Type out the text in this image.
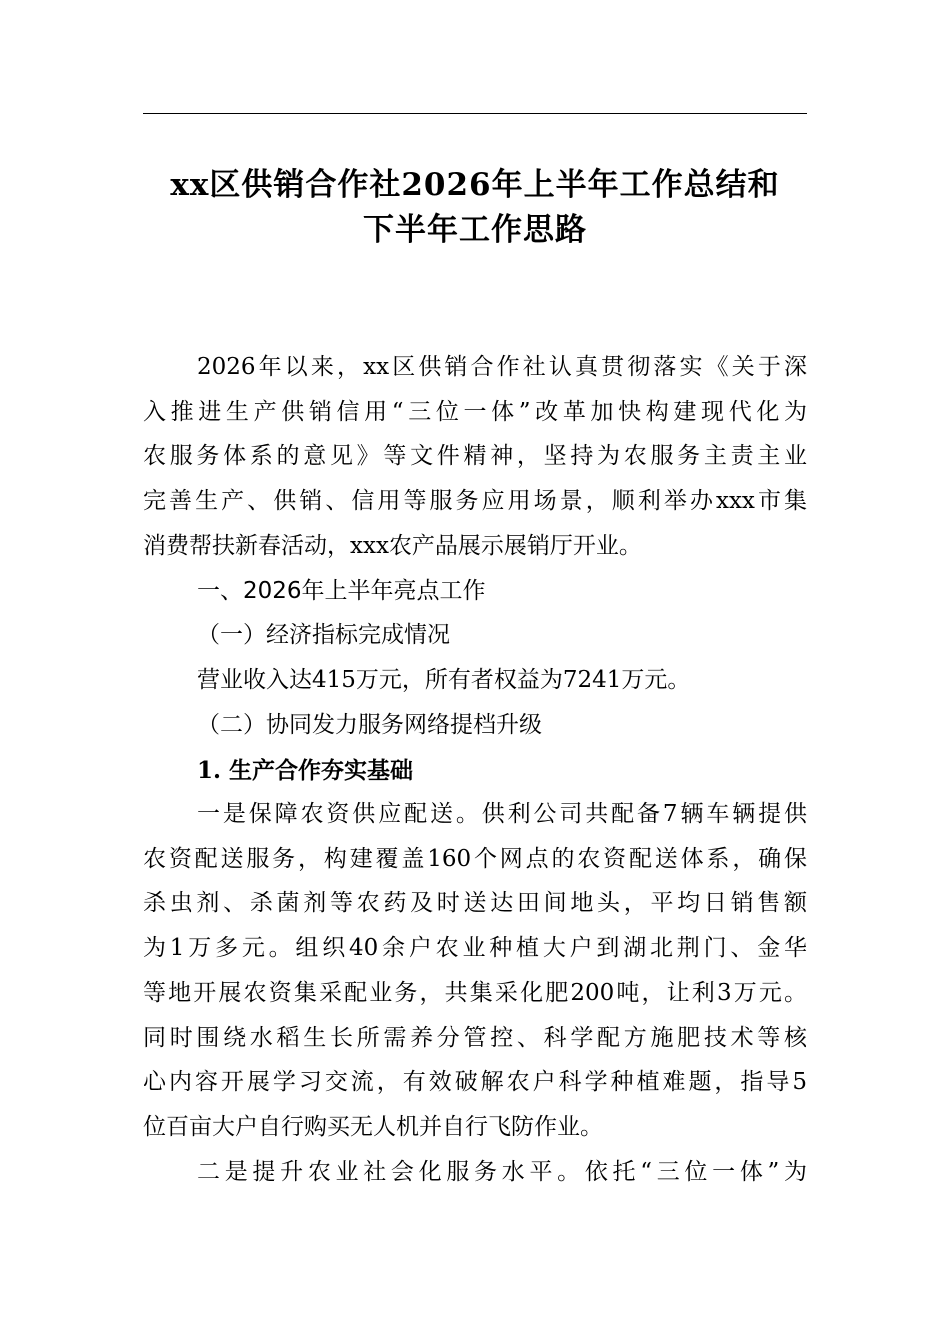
xx区供销合作社2026年上半年工作总结和
下半年工作思路
2026年以来，xx区供销合作社认真贯彻落实《关于深
入推进生产供销信用“三位一体”改革加快构建现代化为
农服务体系的意见》等文件精神，坚持为农服务主责主业
完善生产、供销、信用等服务应用场景，顺利举办xxx市集
消费帮扶新春活动，xxx农产品展示展销厅开业。
一、2026年上半年亮点工作
（一）经济指标完成情况
营业收入达415万元，所有者权益为7241万元。
（二）协同发力服务网络提档升级
1. 生产合作夯实基础
一是保障农资供应配送。供利公司共配备7辆车辆提供
农资配送服务，构建覆盖160个网点的农资配送体系，确保
杀虫剂、杀菌剂等农药及时送达田间地头，平均日销售额
为1万多元。组织40余户农业种植大户到湖北荆门、金华
等地开展农资集采配业务，共集采化肥200吨，让利3万元。
同时围绕水稻生长所需养分管控、科学配方施肥技术等核
心内容开展学习交流，有效破解农户科学种植难题，指导5
位百亩大户自行购买无人机并自行飞防作业。
二是提升农业社会化服务水平。依托“三位一体”为
